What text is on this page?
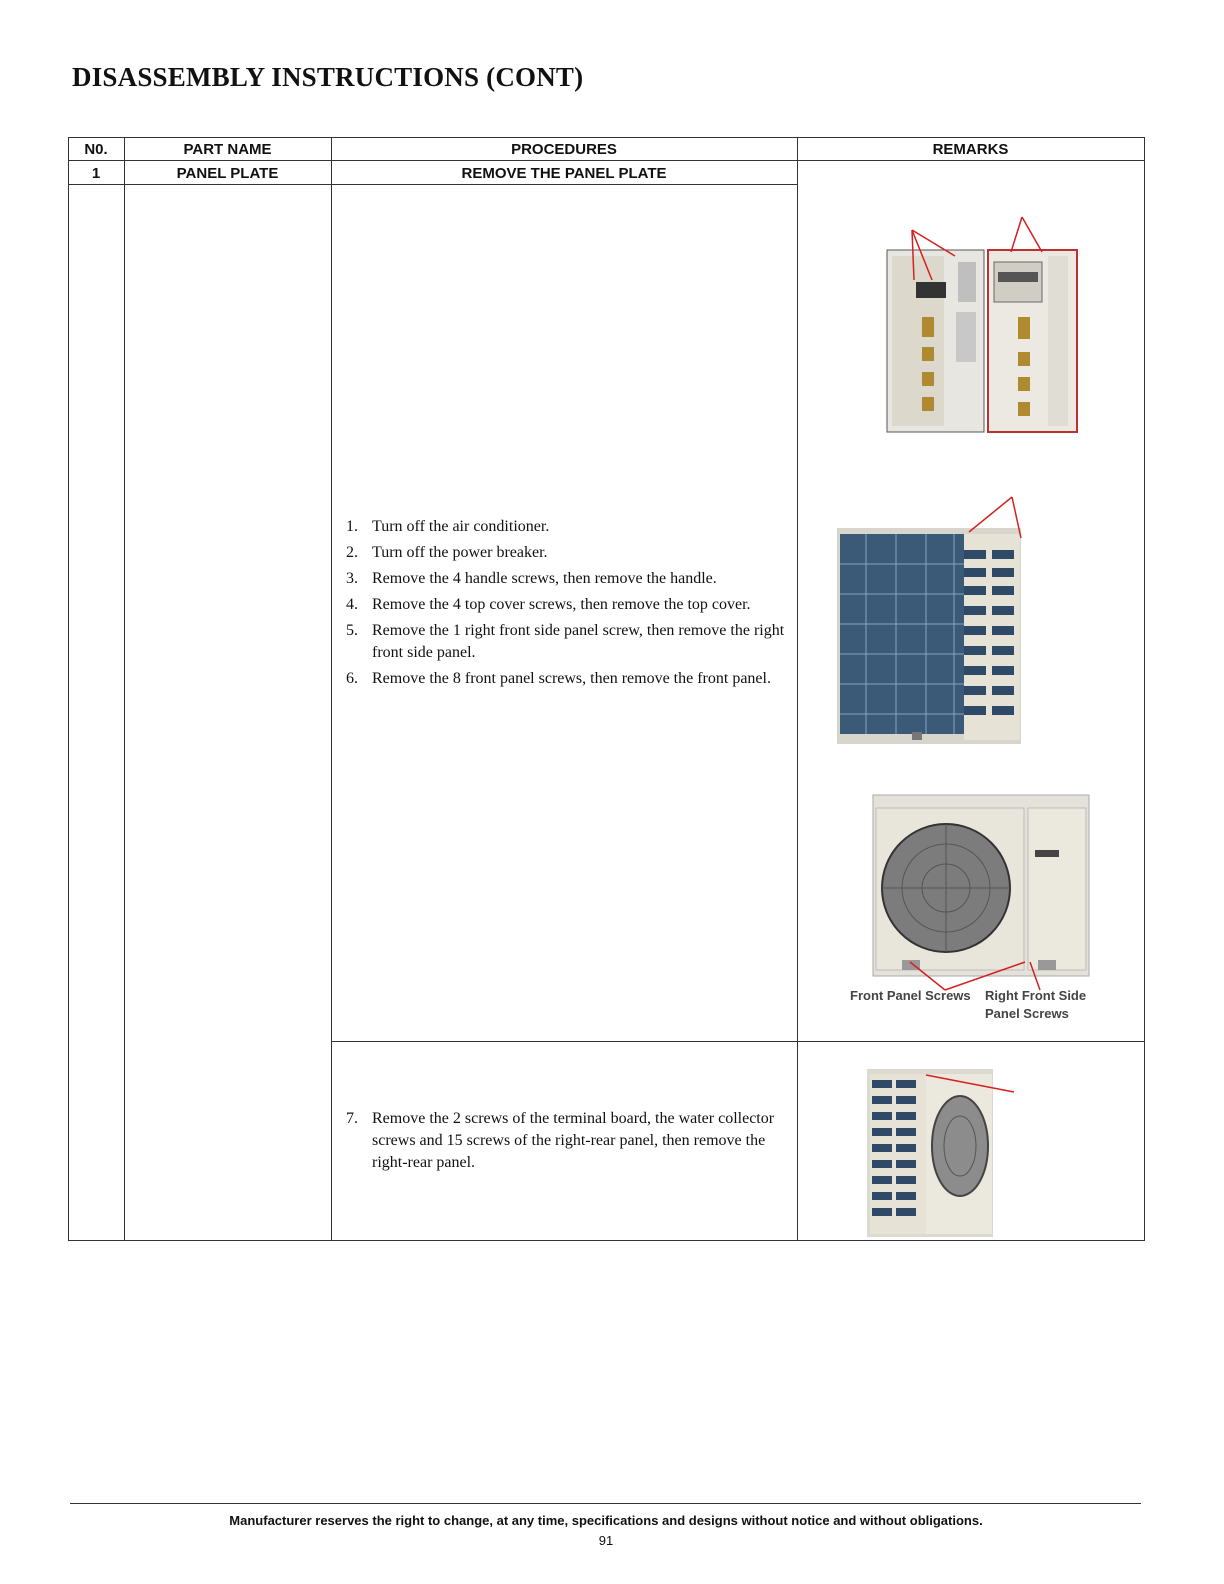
DISASSEMBLY INSTRUCTIONS (CONT)
N0.	PART NAME	PROCEDURES	REMARKS
1	PANEL PLATE	REMOVE THE PANEL PLATE
1. Turn off the air conditioner.
2. Turn off the power breaker.
3. Remove the 4 handle screws, then remove the handle.
4. Remove the 4 top cover screws, then remove the top cover.
5. Remove the 1 right front side panel screw, then remove the right front side panel.
6. Remove the 8 front panel screws, then remove the front panel.
7. Remove the 2 screws of the terminal board, the water collector screws and 15 screws of the right-rear panel, then remove the right-rear panel.
Front Panel Screws Right Front Side
Panel Screws
Manufacturer reserves the right to change, at any time, specifications and designs without notice and without obligations.
91
